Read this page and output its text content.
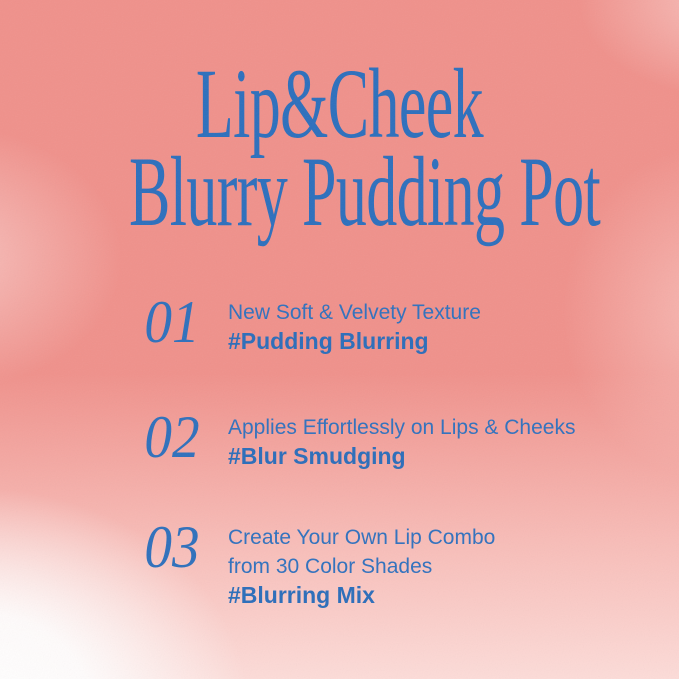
Lip&Cheek
Blurry Pudding Pot
01 New Soft & Velvety Texture

#Pudding Blurring

02 Applies Effortlessly on Lips & Cheeks

#Blur Smudging

03 Create Your Own Lip Combo

from 30 Color Shades

#Blurring Mix
